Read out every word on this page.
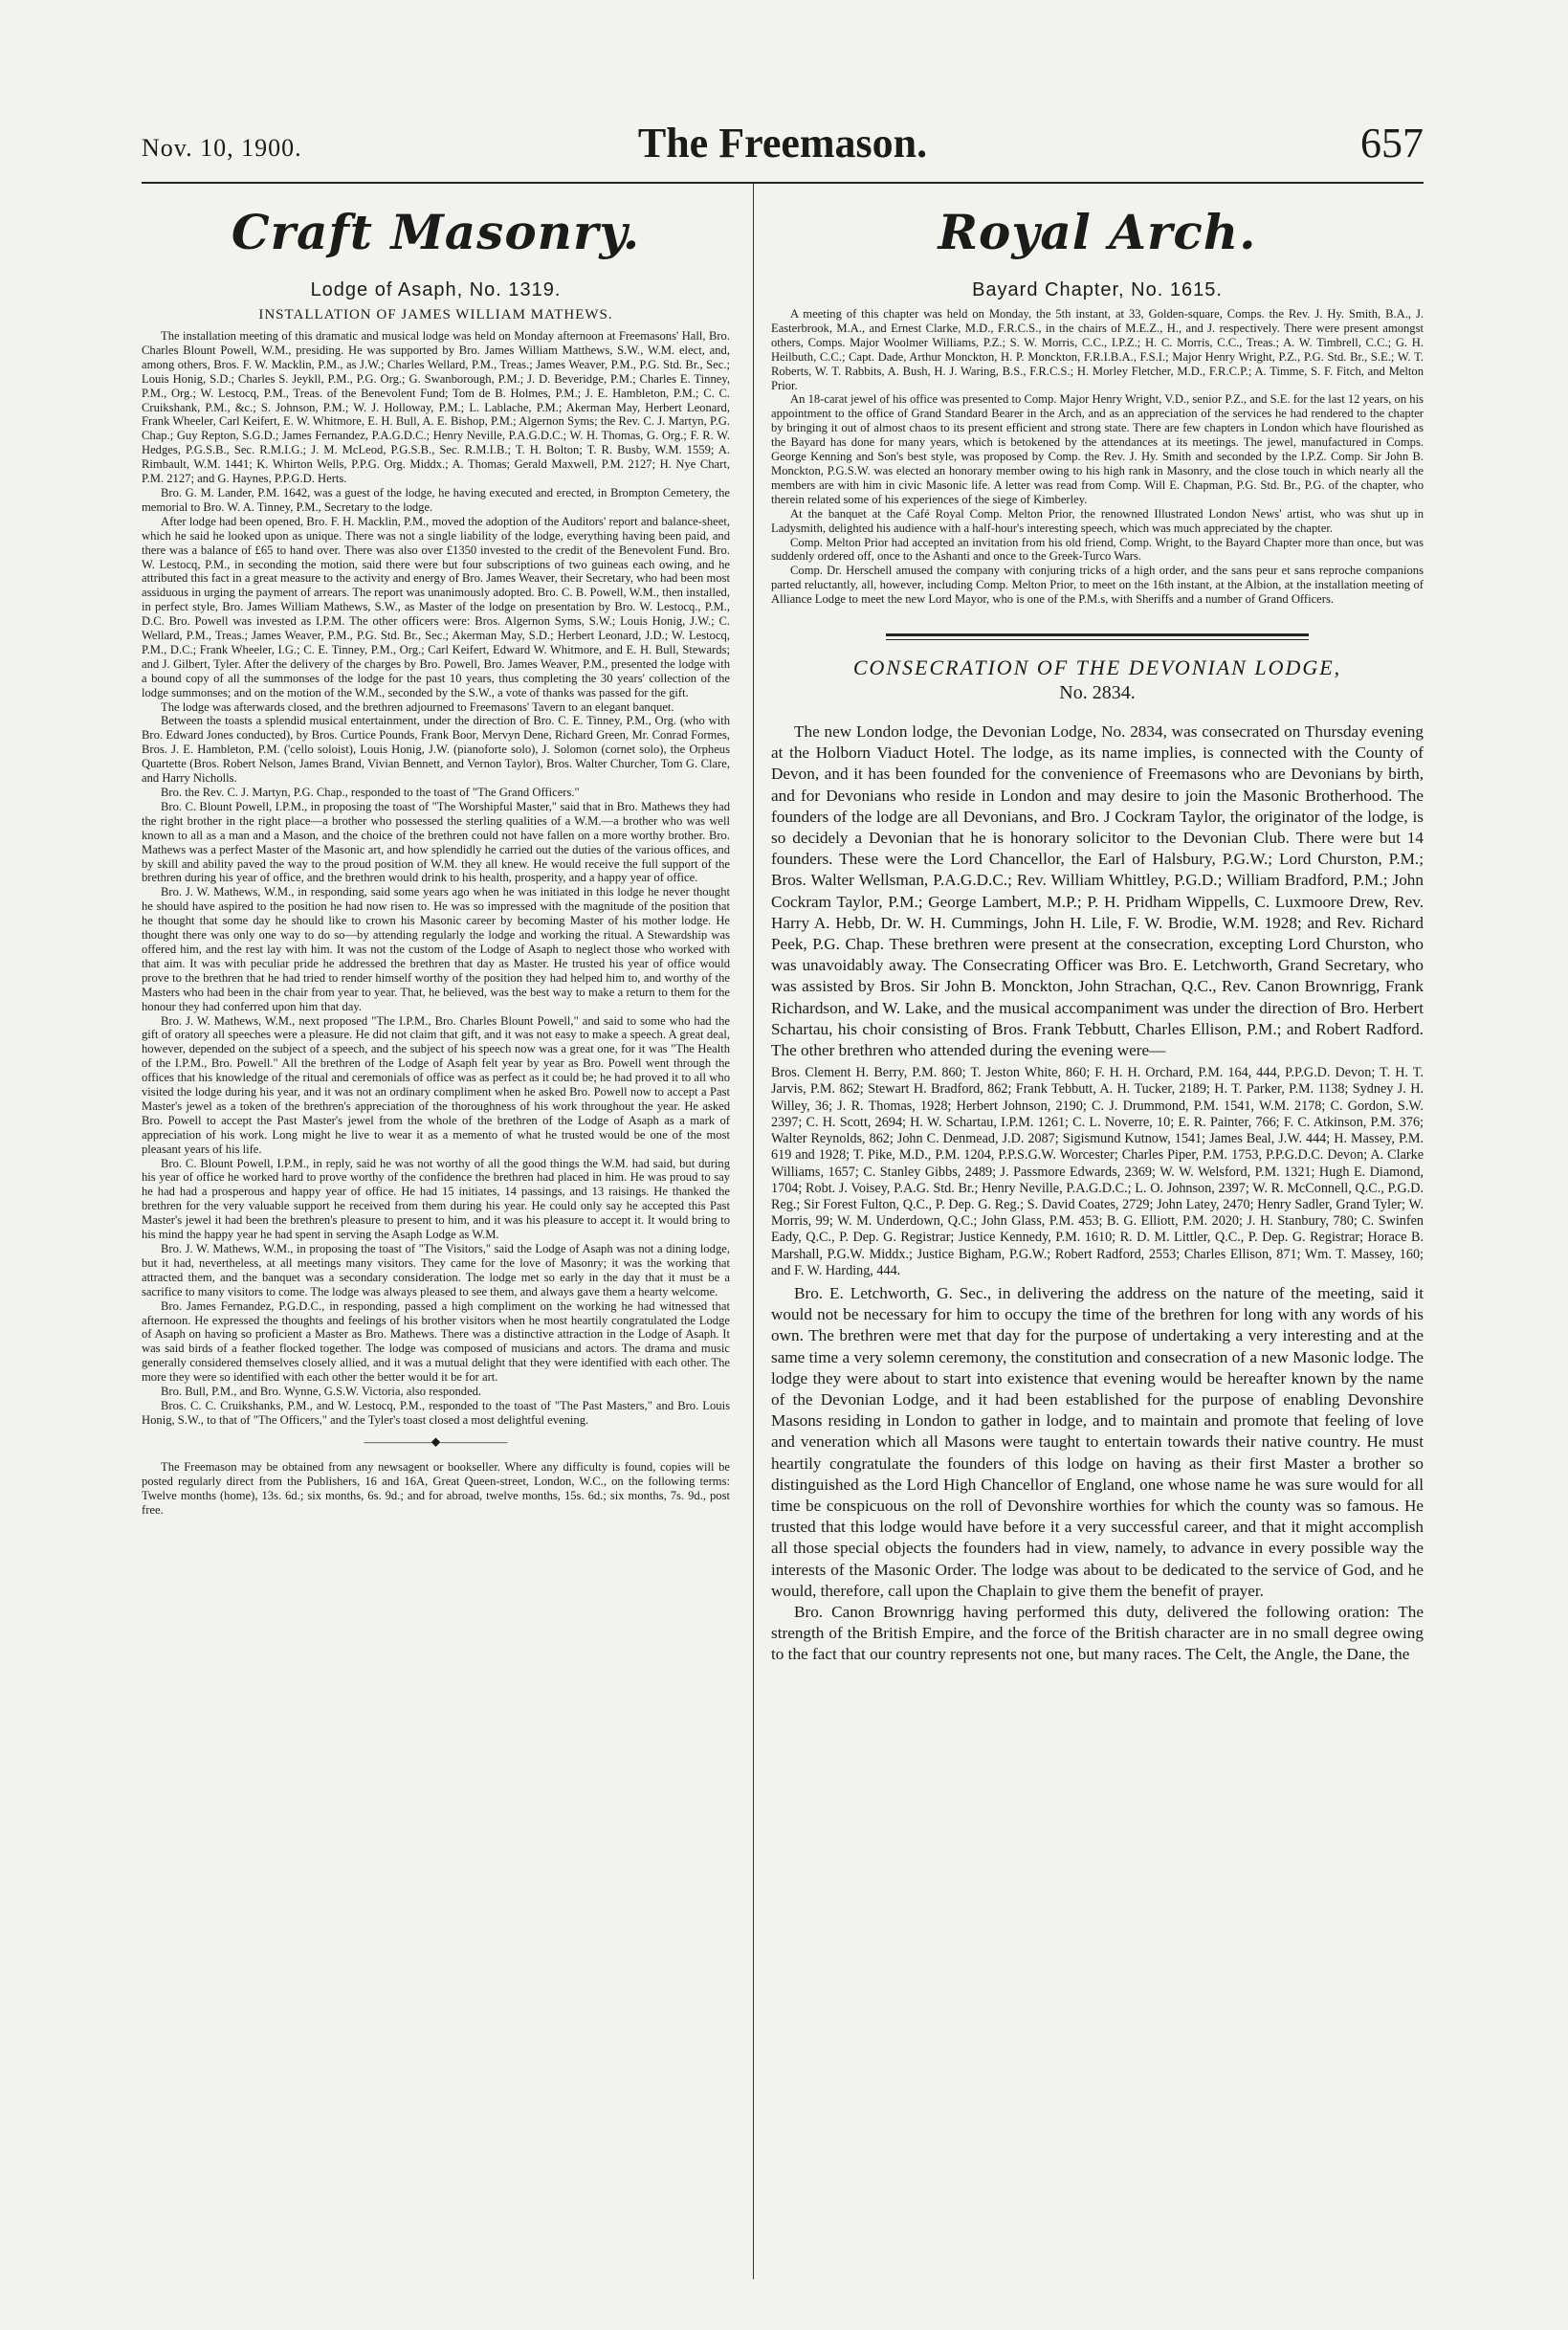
Nov. 10, 1900.	The Freemason.	657
Craft Masonry.
Lodge of Asaph, No. 1319.
INSTALLATION OF JAMES WILLIAM MATHEWS.

The installation meeting of this dramatic and musical lodge was held on Monday afternoon at Freemasons' Hall, Bro. Charles Blount Powell, W.M., presiding. He was supported by Bro. James William Matthews, S.W., W.M. elect, and, among others, Bros. F. W. Macklin, P.M., as J.W.; Charles Wellard, P.M., Treas.; James Weaver, P.M., P.G. Std. Br., Sec.; Louis Honig, S.D.; Charles S. Jeykll, P.M., P.G. Org.; G. Swanborough, P.M.; J. D. Beveridge, P.M.; Charles E. Tinney, P.M., Org.; W. Lestocq, P.M., Treas. of the Benevolent Fund; Tom de B. Holmes, P.M.; J. E. Hambleton, P.M.; C. C. Cruikshank, P.M., &c.; S. Johnson, P.M.; W. J. Holloway, P.M.; L. Lablache, P.M.; Akerman May, Herbert Leonard, Frank Wheeler, Carl Keifert, E. W. Whitmore, E. H. Bull, A. E. Bishop, P.M.; Algernon Syms; the Rev. C. J. Martyn, P.G. Chap.; Guy Repton, S.G.D.; James Fernandez, P.A.G.D.C.; Henry Neville, P.A.G.D.C.; W. H. Thomas, G. Org.; F. R. W. Hedges, P.G.S.B., Sec. R.M.I.G.; J. M. McLeod, P.G.S.B., Sec. R.M.I.B.; T. H. Bolton; T. R. Busby, W.M. 1559; A. Rimbault, W.M. 1441; K. Whirton Wells, P.P.G. Org. Middx.; A. Thomas; Gerald Maxwell, P.M. 2127; H. Nye Chart, P.M. 2127; and G. Haynes, P.P.G.D. Herts.

Bro. G. M. Lander, P.M. 1642, was a guest of the lodge, he having executed and erected, in Brompton Cemetery, the memorial to Bro. W. A. Tinney, P.M., Secretary to the lodge.

After lodge had been opened, Bro. F. H. Macklin, P.M., moved the adoption of the Auditors' report and balance-sheet, which he said he looked upon as unique. There was not a single liability of the lodge, everything having been paid, and there was a balance of £65 to hand over. There was also over £1350 invested to the credit of the Benevolent Fund. Bro. W. Lestocq, P.M., in seconding the motion, said there were but four subscriptions of two guineas each owing, and he attributed this fact in a great measure to the activity and energy of Bro. James Weaver, their Secretary, who had been most assiduous in urging the payment of arrears. The report was unanimously adopted. Bro. C. B. Powell, W.M., then installed, in perfect style, Bro. James William Mathews, S.W., as Master of the lodge on presentation by Bro. W. Lestocq., P.M., D.C. Bro. Powell was invested as I.P.M. The other officers were: Bros. Algernon Syms, S.W.; Louis Honig, J.W.; C. Wellard, P.M., Treas.; James Weaver, P.M., P.G. Std. Br., Sec.; Akerman May, S.D.; Herbert Leonard, J.D.; W. Lestocq, P.M., D.C.; Frank Wheeler, I.G.; C. E. Tinney, P.M., Org.; Carl Keifert, Edward W. Whitmore, and E. H. Bull, Stewards; and J. Gilbert, Tyler. After the delivery of the charges by Bro. Powell, Bro. James Weaver, P.M., presented the lodge with a bound copy of all the summonses of the lodge for the past 10 years, thus completing the 30 years' collection of the lodge summonses; and on the motion of the W.M., seconded by the S.W., a vote of thanks was passed for the gift.

The lodge was afterwards closed, and the brethren adjourned to Freemasons' Tavern to an elegant banquet.

Between the toasts a splendid musical entertainment, under the direction of Bro. C. E. Tinney, P.M., Org. (who with Bro. Edward Jones conducted), by Bros. Curtice Pounds, Frank Boor, Mervyn Dene, Richard Green, Mr. Conrad Formes, Bros. J. E. Hambleton, P.M. ('cello soloist), Louis Honig, J.W. (pianoforte solo), J. Solomon (cornet solo), the Orpheus Quartette (Bros. Robert Nelson, James Brand, Vivian Bennett, and Vernon Taylor), Bros. Walter Churcher, Tom G. Clare, and Harry Nicholls.

Bro. the Rev. C. J. Martyn, P.G. Chap., responded to the toast of "The Grand Officers."

Bro. C. Blount Powell, I.P.M., in proposing the toast of "The Worshipful Master," said that in Bro. Mathews they had the right brother in the right place—a brother who possessed the sterling qualities of a W.M.—a brother who was well known to all as a man and a Mason, and the choice of the brethren could not have fallen on a more worthy brother. Bro. Mathews was a perfect Master of the Masonic art, and how splendidly he carried out the duties of the various offices, and by skill and ability paved the way to the proud position of W.M. they all knew. He would receive the full support of the brethren during his year of office, and the brethren would drink to his health, prosperity, and a happy year of office.

Bro. J. W. Mathews, W.M., in responding, said some years ago when he was initiated in this lodge he never thought he should have aspired to the position he had now risen to. He was so impressed with the magnitude of the position that he thought that some day he should like to crown his Masonic career by becoming Master of his mother lodge. He thought there was only one way to do so—by attending regularly the lodge and working the ritual. A Stewardship was offered him, and the rest lay with him. It was not the custom of the Lodge of Asaph to neglect those who worked with that aim. It was with peculiar pride he addressed the brethren that day as Master. He trusted his year of office would prove to the brethren that he had tried to render himself worthy of the position they had helped him to, and worthy of the Masters who had been in the chair from year to year. That, he believed, was the best way to make a return to them for the honour they had conferred upon him that day.

Bro. J. W. Mathews, W.M., next proposed "The I.P.M., Bro. Charles Blount Powell," and said to some who had the gift of oratory all speeches were a pleasure. He did not claim that gift, and it was not easy to make a speech. A great deal, however, depended on the subject of a speech, and the subject of his speech now was a great one, for it was "The Health of the I.P.M., Bro. Powell." All the brethren of the Lodge of Asaph felt year by year as Bro. Powell went through the offices that his knowledge of the ritual and ceremonials of office was as perfect as it could be; he had proved it to all who visited the lodge during his year, and it was not an ordinary compliment when he asked Bro. Powell now to accept a Past Master's jewel as a token of the brethren's appreciation of the thoroughness of his work throughout the year. He asked Bro. Powell to accept the Past Master's jewel from the whole of the brethren of the Lodge of Asaph as a mark of appreciation of his work. Long might he live to wear it as a memento of what he trusted would be one of the most pleasant years of his life.

Bro. C. Blount Powell, I.P.M., in reply, said he was not worthy of all the good things the W.M. had said, but during his year of office he worked hard to prove worthy of the confidence the brethren had placed in him. He was proud to say he had had a prosperous and happy year of office. He had 15 initiates, 14 passings, and 13 raisings. He thanked the brethren for the very valuable support he received from them during his year. He could only say he accepted this Past Master's jewel it had been the brethren's pleasure to present to him, and it was his pleasure to accept it. It would bring to his mind the happy year he had spent in serving the Asaph Lodge as W.M.

Bro. J. W. Mathews, W.M., in proposing the toast of "The Visitors," said the Lodge of Asaph was not a dining lodge, but it had, nevertheless, at all meetings many visitors. They came for the love of Masonry; it was the working that attracted them, and the banquet was a secondary consideration. The lodge met so early in the day that it must be a sacrifice to many visitors to come. The lodge was always pleased to see them, and always gave them a hearty welcome.

Bro. James Fernandez, P.G.D.C., in responding, passed a high compliment on the working he had witnessed that afternoon. He expressed the thoughts and feelings of his brother visitors when he most heartily congratulated the Lodge of Asaph on having so proficient a Master as Bro. Mathews. There was a distinctive attraction in the Lodge of Asaph. It was said birds of a feather flocked together. The lodge was composed of musicians and actors. The drama and music generally considered themselves closely allied, and it was a mutual delight that they were identified with each other. The more they were so identified with each other the better would it be for art.

Bro. Bull, P.M., and Bro. Wynne, G.S.W. Victoria, also responded.

Bros. C. C. Cruikshanks, P.M., and W. Lestocq, P.M., responded to the toast of "The Past Masters," and Bro. Louis Honig, S.W., to that of "The Officers," and the Tyler's toast closed a most delightful evening.

—————⬥—————

The Freemason may be obtained from any newsagent or bookseller. Where any difficulty is found, copies will be posted regularly direct from the Publishers, 16 and 16A, Great Queen-street, London, W.C., on the following terms: Twelve months (home), 13s. 6d.; six months, 6s. 9d.; and for abroad, twelve months, 15s. 6d.; six months, 7s. 9d., post free.

Royal Arch.
Bayard Chapter, No. 1615.

A meeting of this chapter was held on Monday, the 5th instant, at 33, Golden-square, Comps. the Rev. J. Hy. Smith, B.A., J. Easterbrook, M.A., and Ernest Clarke, M.D., F.R.C.S., in the chairs of M.E.Z., H., and J. respectively. There were present amongst others, Comps. Major Woolmer Williams, P.Z.; S. W. Morris, C.C., I.P.Z.; H. C. Morris, C.C., Treas.; A. W. Timbrell, C.C.; G. H. Heilbuth, C.C.; Capt. Dade, Arthur Monckton, H. P. Monckton, F.R.I.B.A., F.S.I.; Major Henry Wright, P.Z., P.G. Std. Br., S.E.; W. T. Roberts, W. T. Rabbits, A. Bush, H. J. Waring, B.S., F.R.C.S.; H. Morley Fletcher, M.D., F.R.C.P.; A. Timme, S. F. Fitch, and Melton Prior.

An 18-carat jewel of his office was presented to Comp. Major Henry Wright, V.D., senior P.Z., and S.E. for the last 12 years, on his appointment to the office of Grand Standard Bearer in the Arch, and as an appreciation of the services he had rendered to the chapter by bringing it out of almost chaos to its present efficient and strong state. There are few chapters in London which have flourished as the Bayard has done for many years, which is betokened by the attendances at its meetings. The jewel, manufactured in Comps. George Kenning and Son's best style, was proposed by Comp. the Rev. J. Hy. Smith and seconded by the I.P.Z. Comp. Sir John B. Monckton, P.G.S.W. was elected an honorary member owing to his high rank in Masonry, and the close touch in which nearly all the members are with him in civic Masonic life. A letter was read from Comp. Will E. Chapman, P.G. Std. Br., P.G. of the chapter, who therein related some of his experiences of the siege of Kimberley.

At the banquet at the Café Royal Comp. Melton Prior, the renowned Illustrated London News' artist, who was shut up in Ladysmith, delighted his audience with a half-hour's interesting speech, which was much appreciated by the chapter.

Comp. Melton Prior had accepted an invitation from his old friend, Comp. Wright, to the Bayard Chapter more than once, but was suddenly ordered off, once to the Ashanti and once to the Greek-Turco Wars.

Comp. Dr. Herschell amused the company with conjuring tricks of a high order, and the sans peur et sans reproche companions parted reluctantly, all, however, including Comp. Melton Prior, to meet on the 16th instant, at the Albion, at the installation meeting of Alliance Lodge to meet the new Lord Mayor, who is one of the P.M.s, with Sheriffs and a number of Grand Officers.

CONSECRATION OF THE DEVONIAN LODGE,
No. 2834.

The new London lodge, the Devonian Lodge, No. 2834, was consecrated on Thursday evening at the Holborn Viaduct Hotel. The lodge, as its name implies, is connected with the County of Devon, and it has been founded for the convenience of Freemasons who are Devonians by birth, and for Devonians who reside in London and may desire to join the Masonic Brotherhood. The founders of the lodge are all Devonians, and Bro. J Cockram Taylor, the originator of the lodge, is so decidely a Devonian that he is honorary solicitor to the Devonian Club. There were but 14 founders. These were the Lord Chancellor, the Earl of Halsbury, P.G.W.; Lord Churston, P.M.; Bros. Walter Wellsman, P.A.G.D.C.; Rev. William Whittley, P.G.D.; William Bradford, P.M.; John Cockram Taylor, P.M.; George Lambert, M.P.; P. H. Pridham Wippells, C. Luxmoore Drew, Rev. Harry A. Hebb, Dr. W. H. Cummings, John H. Lile, F. W. Brodie, W.M. 1928; and Rev. Richard Peek, P.G. Chap. These brethren were present at the consecration, excepting Lord Churston, who was unavoidably away. The Consecrating Officer was Bro. E. Letchworth, Grand Secretary, who was assisted by Bros. Sir John B. Monckton, John Strachan, Q.C., Rev. Canon Brownrigg, Frank Richardson, and W. Lake, and the musical accompaniment was under the direction of Bro. Herbert Schartau, his choir consisting of Bros. Frank Tebbutt, Charles Ellison, P.M.; and Robert Radford. The other brethren who attended during the evening were—

Bros. Clement H. Berry, P.M. 860; T. Jeston White, 860; F. H. H. Orchard, P.M. 164, 444, P.P.G.D. Devon; T. H. T. Jarvis, P.M. 862; Stewart H. Bradford, 862; Frank Tebbutt, A. H. Tucker, 2189; H. T. Parker, P.M. 1138; Sydney J. H. Willey, 36; J. R. Thomas, 1928; Herbert Johnson, 2190; C. J. Drummond, P.M. 1541, W.M. 2178; C. Gordon, S.W. 2397; C. H. Scott, 2694; H. W. Schartau, I.P.M. 1261; C. L. Noverre, 10; E. R. Painter, 766; F. C. Atkinson, P.M. 376; Walter Reynolds, 862; John C. Denmead, J.D. 2087; Sigismund Kutnow, 1541; James Beal, J.W. 444; H. Massey, P.M. 619 and 1928; T. Pike, M.D., P.M. 1204, P.P.S.G.W. Worcester; Charles Piper, P.M. 1753, P.P.G.D.C. Devon; A. Clarke Williams, 1657; C. Stanley Gibbs, 2489; J. Passmore Edwards, 2369; W. W. Welsford, P.M. 1321; Hugh E. Diamond, 1704; Robt. J. Voisey, P.A.G. Std. Br.; Henry Neville, P.A.G.D.C.; L. O. Johnson, 2397; W. R. McConnell, Q.C., P.G.D. Reg.; Sir Forest Fulton, Q.C., P. Dep. G. Reg.; S. David Coates, 2729; John Latey, 2470; Henry Sadler, Grand Tyler; W. Morris, 99; W. M. Underdown, Q.C.; John Glass, P.M. 453; B. G. Elliott, P.M. 2020; J. H. Stanbury, 780; C. Swinfen Eady, Q.C., P. Dep. G. Registrar; Justice Kennedy, P.M. 1610; R. D. M. Littler, Q.C., P. Dep. G. Registrar; Horace B. Marshall, P.G.W. Middx.; Justice Bigham, P.G.W.; Robert Radford, 2553; Charles Ellison, 871; Wm. T. Massey, 160; and F. W. Harding, 444.

Bro. E. Letchworth, G. Sec., in delivering the address on the nature of the meeting, said it would not be necessary for him to occupy the time of the brethren for long with any words of his own. The brethren were met that day for the purpose of undertaking a very interesting and at the same time a very solemn ceremony, the constitution and consecration of a new Masonic lodge. The lodge they were about to start into existence that evening would be hereafter known by the name of the Devonian Lodge, and it had been established for the purpose of enabling Devonshire Masons residing in London to gather in lodge, and to maintain and promote that feeling of love and veneration which all Masons were taught to entertain towards their native country. He must heartily congratulate the founders of this lodge on having as their first Master a brother so distinguished as the Lord High Chancellor of England, one whose name he was sure would for all time be conspicuous on the roll of Devonshire worthies for which the county was so famous. He trusted that this lodge would have before it a very successful career, and that it might accomplish all those special objects the founders had in view, namely, to advance in every possible way the interests of the Masonic Order. The lodge was about to be dedicated to the service of God, and he would, therefore, call upon the Chaplain to give them the benefit of prayer.

Bro. Canon Brownrigg having performed this duty, delivered the following oration: The strength of the British Empire, and the force of the British character are in no small degree owing to the fact that our country represents not one, but many races. The Celt, the Angle, the Dane, the
